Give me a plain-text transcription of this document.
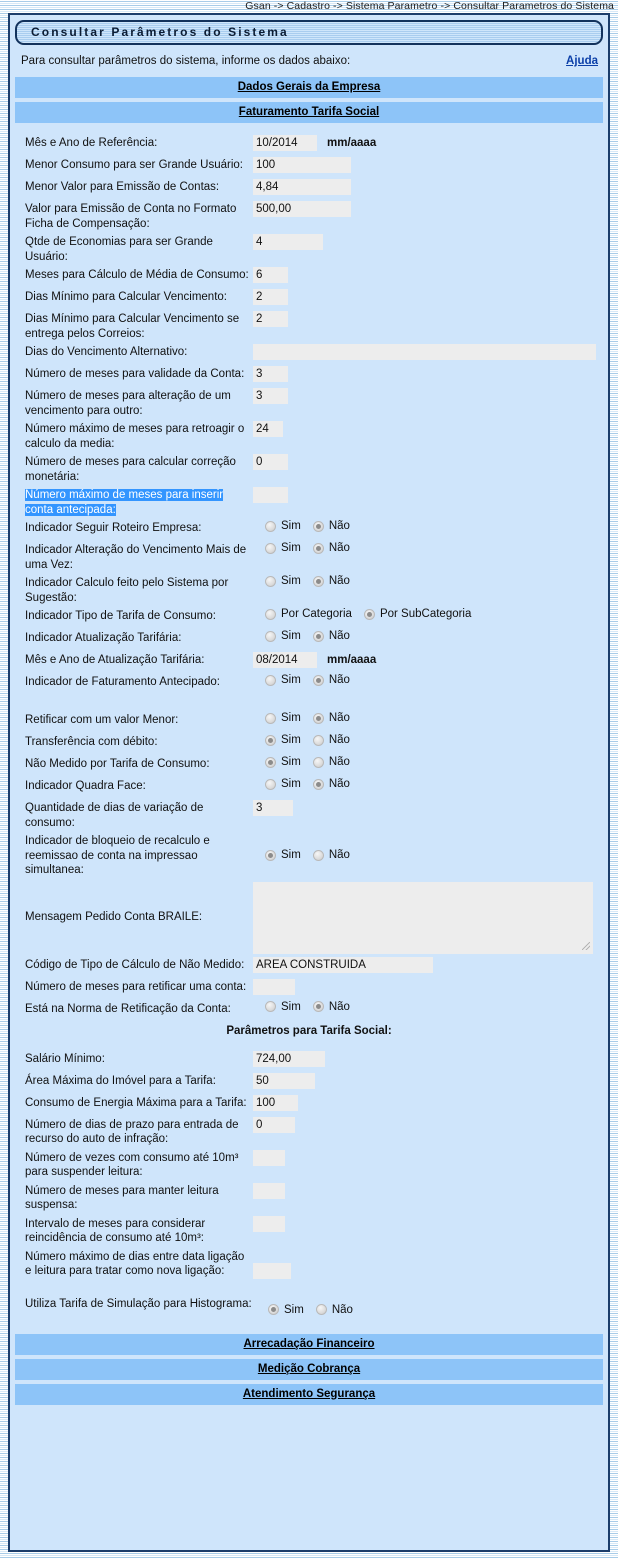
Gsan -> Cadastro -> Sistema Parametro -> Consultar Parametros do Sistema
Consultar Parâmetros do Sistema
Para consultar parâmetros do sistema, informe os dados abaixo:	Ajuda
Dados Gerais da Empresa
Faturamento Tarifa Social
Mês e Ano de Referência:
10/2014	mm/aaaa
Menor Consumo para ser Grande Usuário:
100
Menor Valor para Emissão de Contas:
4,84
Valor para Emissão de Conta no Formato Ficha de Compensação:
500,00
Qtde de Economias para ser Grande Usuário:
4
Meses para Cálculo de Média de Consumo:
6
Dias Mínimo para Calcular Vencimento:
2
Dias Mínimo para Calcular Vencimento se entrega pelos Correios:
2
Dias do Vencimento Alternativo:
Número de meses para validade da Conta:
3
Número de meses para alteração de um vencimento para outro:
3
Número máximo de meses para retroagir o calculo da media:
24
Número de meses para calcular correção monetária:
0
Número máximo de meses para inserir conta antecipada:
Indicador Seguir Roteiro Empresa:	Sim Não
Indicador Alteração do Vencimento Mais de uma Vez:
Sim Não
Indicador Calculo feito pelo Sistema por Sugestão:
Sim Não
Indicador Tipo de Tarifa de Consumo:	Por Categoria Por SubCategoria
Indicador Atualização Tarifária:	Sim Não
Mês e Ano de Atualização Tarifária:
08/2014	mm/aaaa
Indicador de Faturamento Antecipado:	Sim Não
Retificar com um valor Menor:	Sim Não
Transferência com débito:	Sim Não
Não Medido por Tarifa de Consumo:	Sim Não
Indicador Quadra Face:	Sim Não
Quantidade de dias de variação de consumo:
3
Indicador de bloqueio de recalculo e reemissao de conta na impressao simultanea:
Sim Não
Mensagem Pedido Conta BRAILE:
Código de Tipo de Cálculo de Não Medido:
AREA CONSTRUIDA
Número de meses para retificar uma conta:
Está na Norma de Retificação da Conta:	Sim Não
Parâmetros para Tarifa Social:
Salário Mínimo:
724,00
Área Máxima do Imóvel para a Tarifa:
50
Consumo de Energia Máxima para a Tarifa:
100
Número de dias de prazo para entrada de recurso do auto de infração:
0
Número de vezes com consumo até 10m³ para suspender leitura:
Número de meses para manter leitura suspensa:
Intervalo de meses para considerar reincidência de consumo até 10m³:
Número máximo de dias entre data ligação e leitura para tratar como nova ligação:
Utiliza Tarifa de Simulação para Histograma:	Sim Não
Arrecadação Financeiro
Medição Cobrança
Atendimento Segurança
